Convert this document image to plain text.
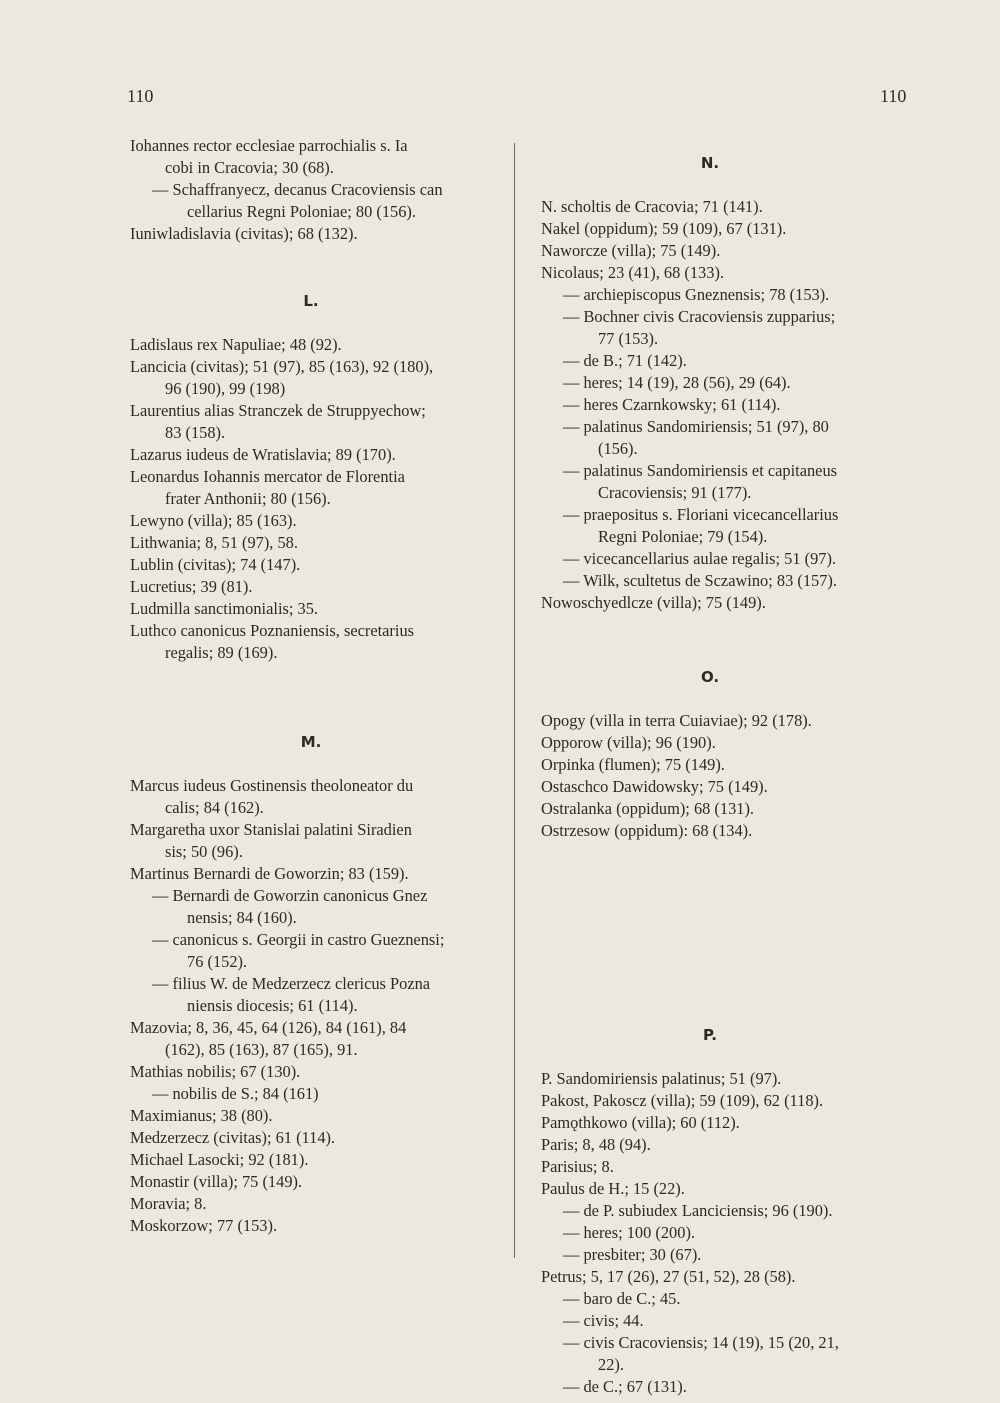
110	110
Iohannes rector ecclesiae parrochialis s. Ia
cobi in Cracovia; 30 (68).
— Schaffranyecz, decanus Cracoviensis can
cellarius Regni Poloniae; 80 (156).
Iuniwladislavia (civitas); 68 (132).
L.
Ladislaus rex Napuliae; 48 (92).
Lancicia (civitas); 51 (97), 85 (163), 92 (180),
96 (190), 99 (198)
Laurentius alias Stranczek de Struppyechow;
83 (158).
Lazarus iudeus de Wratislavia; 89 (170).
Leonardus Iohannis mercator de Florentia
frater Anthonii; 80 (156).
Lewyno (villa); 85 (163).
Lithwania; 8, 51 (97), 58.
Lublin (civitas); 74 (147).
Lucretius; 39 (81).
Ludmilla sanctimonialis; 35.
Luthco canonicus Poznaniensis, secretarius
regalis; 89 (169).
M.
Marcus iudeus Gostinensis theoloneator du
calis; 84 (162).
Margaretha uxor Stanislai palatini Siradien
sis; 50 (96).
Martinus Bernardi de Goworzin; 83 (159).
— Bernardi de Goworzin canonicus Gnez
nensis; 84 (160).
— canonicus s. Georgii in castro Gueznensi;
76 (152).
— filius W. de Medzerzecz clericus Pozna
niensis diocesis; 61 (114).
Mazovia; 8, 36, 45, 64 (126), 84 (161), 84
(162), 85 (163), 87 (165), 91.
Mathias nobilis; 67 (130).
— nobilis de S.; 84 (161)
Maximianus; 38 (80).
Medzerzecz (civitas); 61 (114).
Michael Lasocki; 92 (181).
Monastir (villa); 75 (149).
Moravia; 8.
Moskorzow; 77 (153).
N.
N. scholtis de Cracovia; 71 (141).
Nakel (oppidum); 59 (109), 67 (131).
Naworcze (villa); 75 (149).
Nicolaus; 23 (41), 68 (133).
— archiepiscopus Gneznensis; 78 (153).
— Bochner civis Cracoviensis zupparius;
77 (153).
— de B.; 71 (142).
— heres; 14 (19), 28 (56), 29 (64).
— heres Czarnkowsky; 61 (114).
— palatinus Sandomiriensis; 51 (97), 80
(156).
— palatinus Sandomiriensis et capitaneus
Cracoviensis; 91 (177).
— praepositus s. Floriani vicecancellarius
Regni Poloniae; 79 (154).
— vicecancellarius aulae regalis; 51 (97).
— Wilk, scultetus de Sczawino; 83 (157).
Nowoschyedlcze (villa); 75 (149).
O.
Opogy (villa in terra Cuiaviae); 92 (178).
Opporow (villa); 96 (190).
Orpinka (flumen); 75 (149).
Ostaschco Dawidowsky; 75 (149).
Ostralanka (oppidum); 68 (131).
Ostrzesow (oppidum): 68 (134).
P.
P. Sandomiriensis palatinus; 51 (97).
Pakost, Pakoscz (villa); 59 (109), 62 (118).
Pamǫthkowo (villa); 60 (112).
Paris; 8, 48 (94).
Parisius; 8.
Paulus de H.; 15 (22).
— de P. subiudex Lanciciensis; 96 (190).
— heres; 100 (200).
— presbiter; 30 (67).
Petrus; 5, 17 (26), 27 (51, 52), 28 (58).
— baro de C.; 45.
— civis; 44.
— civis Cracoviensis; 14 (19), 15 (20, 21,
22).
— de C.; 67 (131).
